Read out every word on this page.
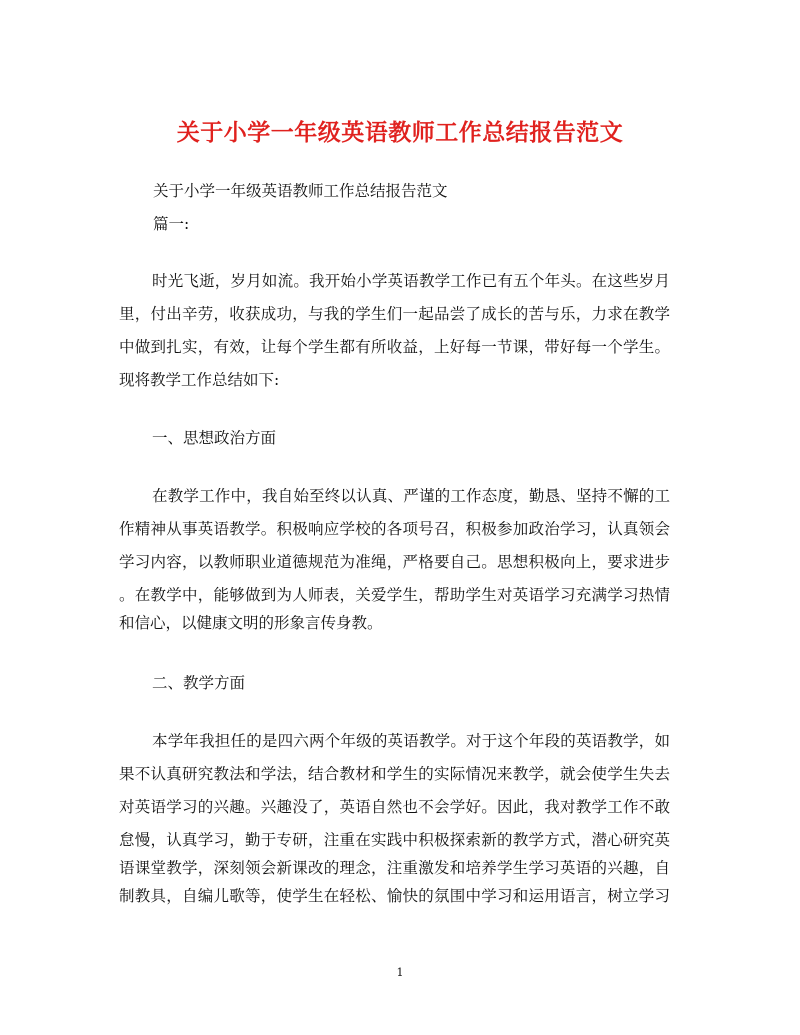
关于小学一年级英语教师工作总结报告范文
关于小学一年级英语教师工作总结报告范文
篇一:
时光飞逝，岁月如流。我开始小学英语教学工作已有五个年头。在这些岁月
里，付出辛劳，收获成功，与我的学生们一起品尝了成长的苦与乐，力求在教学
中做到扎实，有效，让每个学生都有所收益，上好每一节课，带好每一个学生。
现将教学工作总结如下:
一、思想政治方面
在教学工作中，我自始至终以认真、严谨的工作态度，勤恳、坚持不懈的工
作精神从事英语教学。积极响应学校的各项号召，积极参加政治学习，认真领会
学习内容，以教师职业道德规范为准绳，严格要自己。思想积极向上，要求进步
。在教学中，能够做到为人师表，关爱学生，帮助学生对英语学习充满学习热情
和信心，以健康文明的形象言传身教。
二、教学方面
本学年我担任的是四六两个年级的英语教学。对于这个年段的英语教学，如
果不认真研究教法和学法，结合教材和学生的实际情况来教学，就会使学生失去
对英语学习的兴趣。兴趣没了，英语自然也不会学好。因此，我对教学工作不敢
怠慢，认真学习，勤于专研，注重在实践中积极探索新的教学方式，潜心研究英
语课堂教学，深刻领会新课改的理念，注重激发和培养学生学习英语的兴趣，自
制教具，自编儿歌等，使学生在轻松、愉快的氛围中学习和运用语言，树立学习
1
